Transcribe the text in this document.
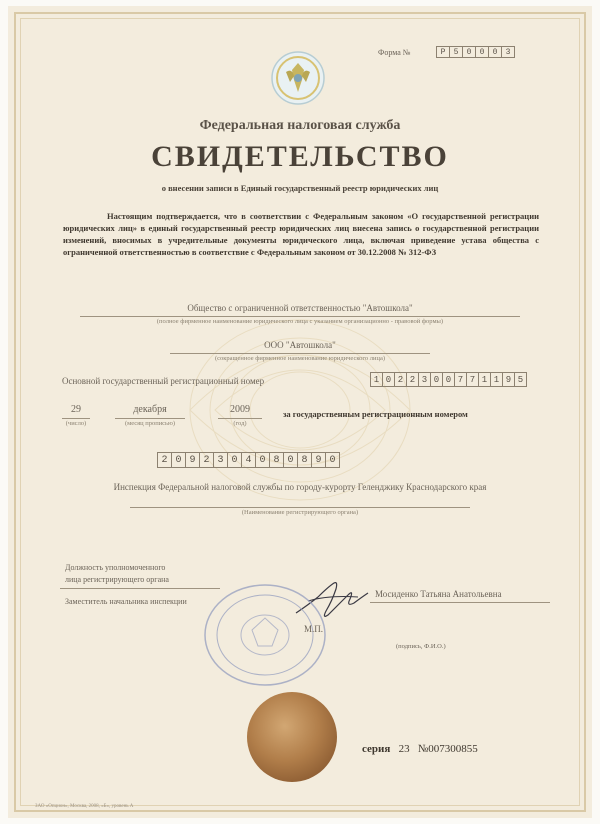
Форма №	Р	5	0	0	0	3
Федеральная налоговая служба
СВИДЕТЕЛЬСТВО
о внесении записи в Единый государственный реестр юридических лиц
Настоящим подтверждается, что в соответствии с Федеральным законом «О государственной регистрации юридических лиц» в единый государственный реестр юридических лиц внесена запись о государственной регистрации изменений, вносимых в учредительные документы юридического лица, включая приведение устава общества с ограниченной ответственностью в соответствие с Федеральным законом от 30.12.2008 № 312-ФЗ
Общество с ограниченной ответственностью "Автошкола"
(полное фирменное наименование юридического лица с указанием организационно - правовой формы)
ООО "Автошкола"
(сокращенное фирменное наименование юридического лица)
Основной государственный регистрационный номер	1 0 2 2 3 0 0 7 7 1 1 9 5
29
(число)
декабря
(месяц прописью)
2009
(год)
за государственным регистрационным номером
2 0 9 2 3 0 4 0 8 0 8 9 0
Инспекция Федеральной налоговой службы по городу-курорту Геленджику Краснодарского края
(Наименование регистрирующего органа)
Должность уполномоченного
лица регистрирующего органа
Заместитель начальника инспекции
Мосиденко Татьяна Анатольевна
(подпись, Ф.И.О.)
М.П.
серия 23 №007300855
ЗАО «Опцион», Москва, 2008, «Б», уровень А
